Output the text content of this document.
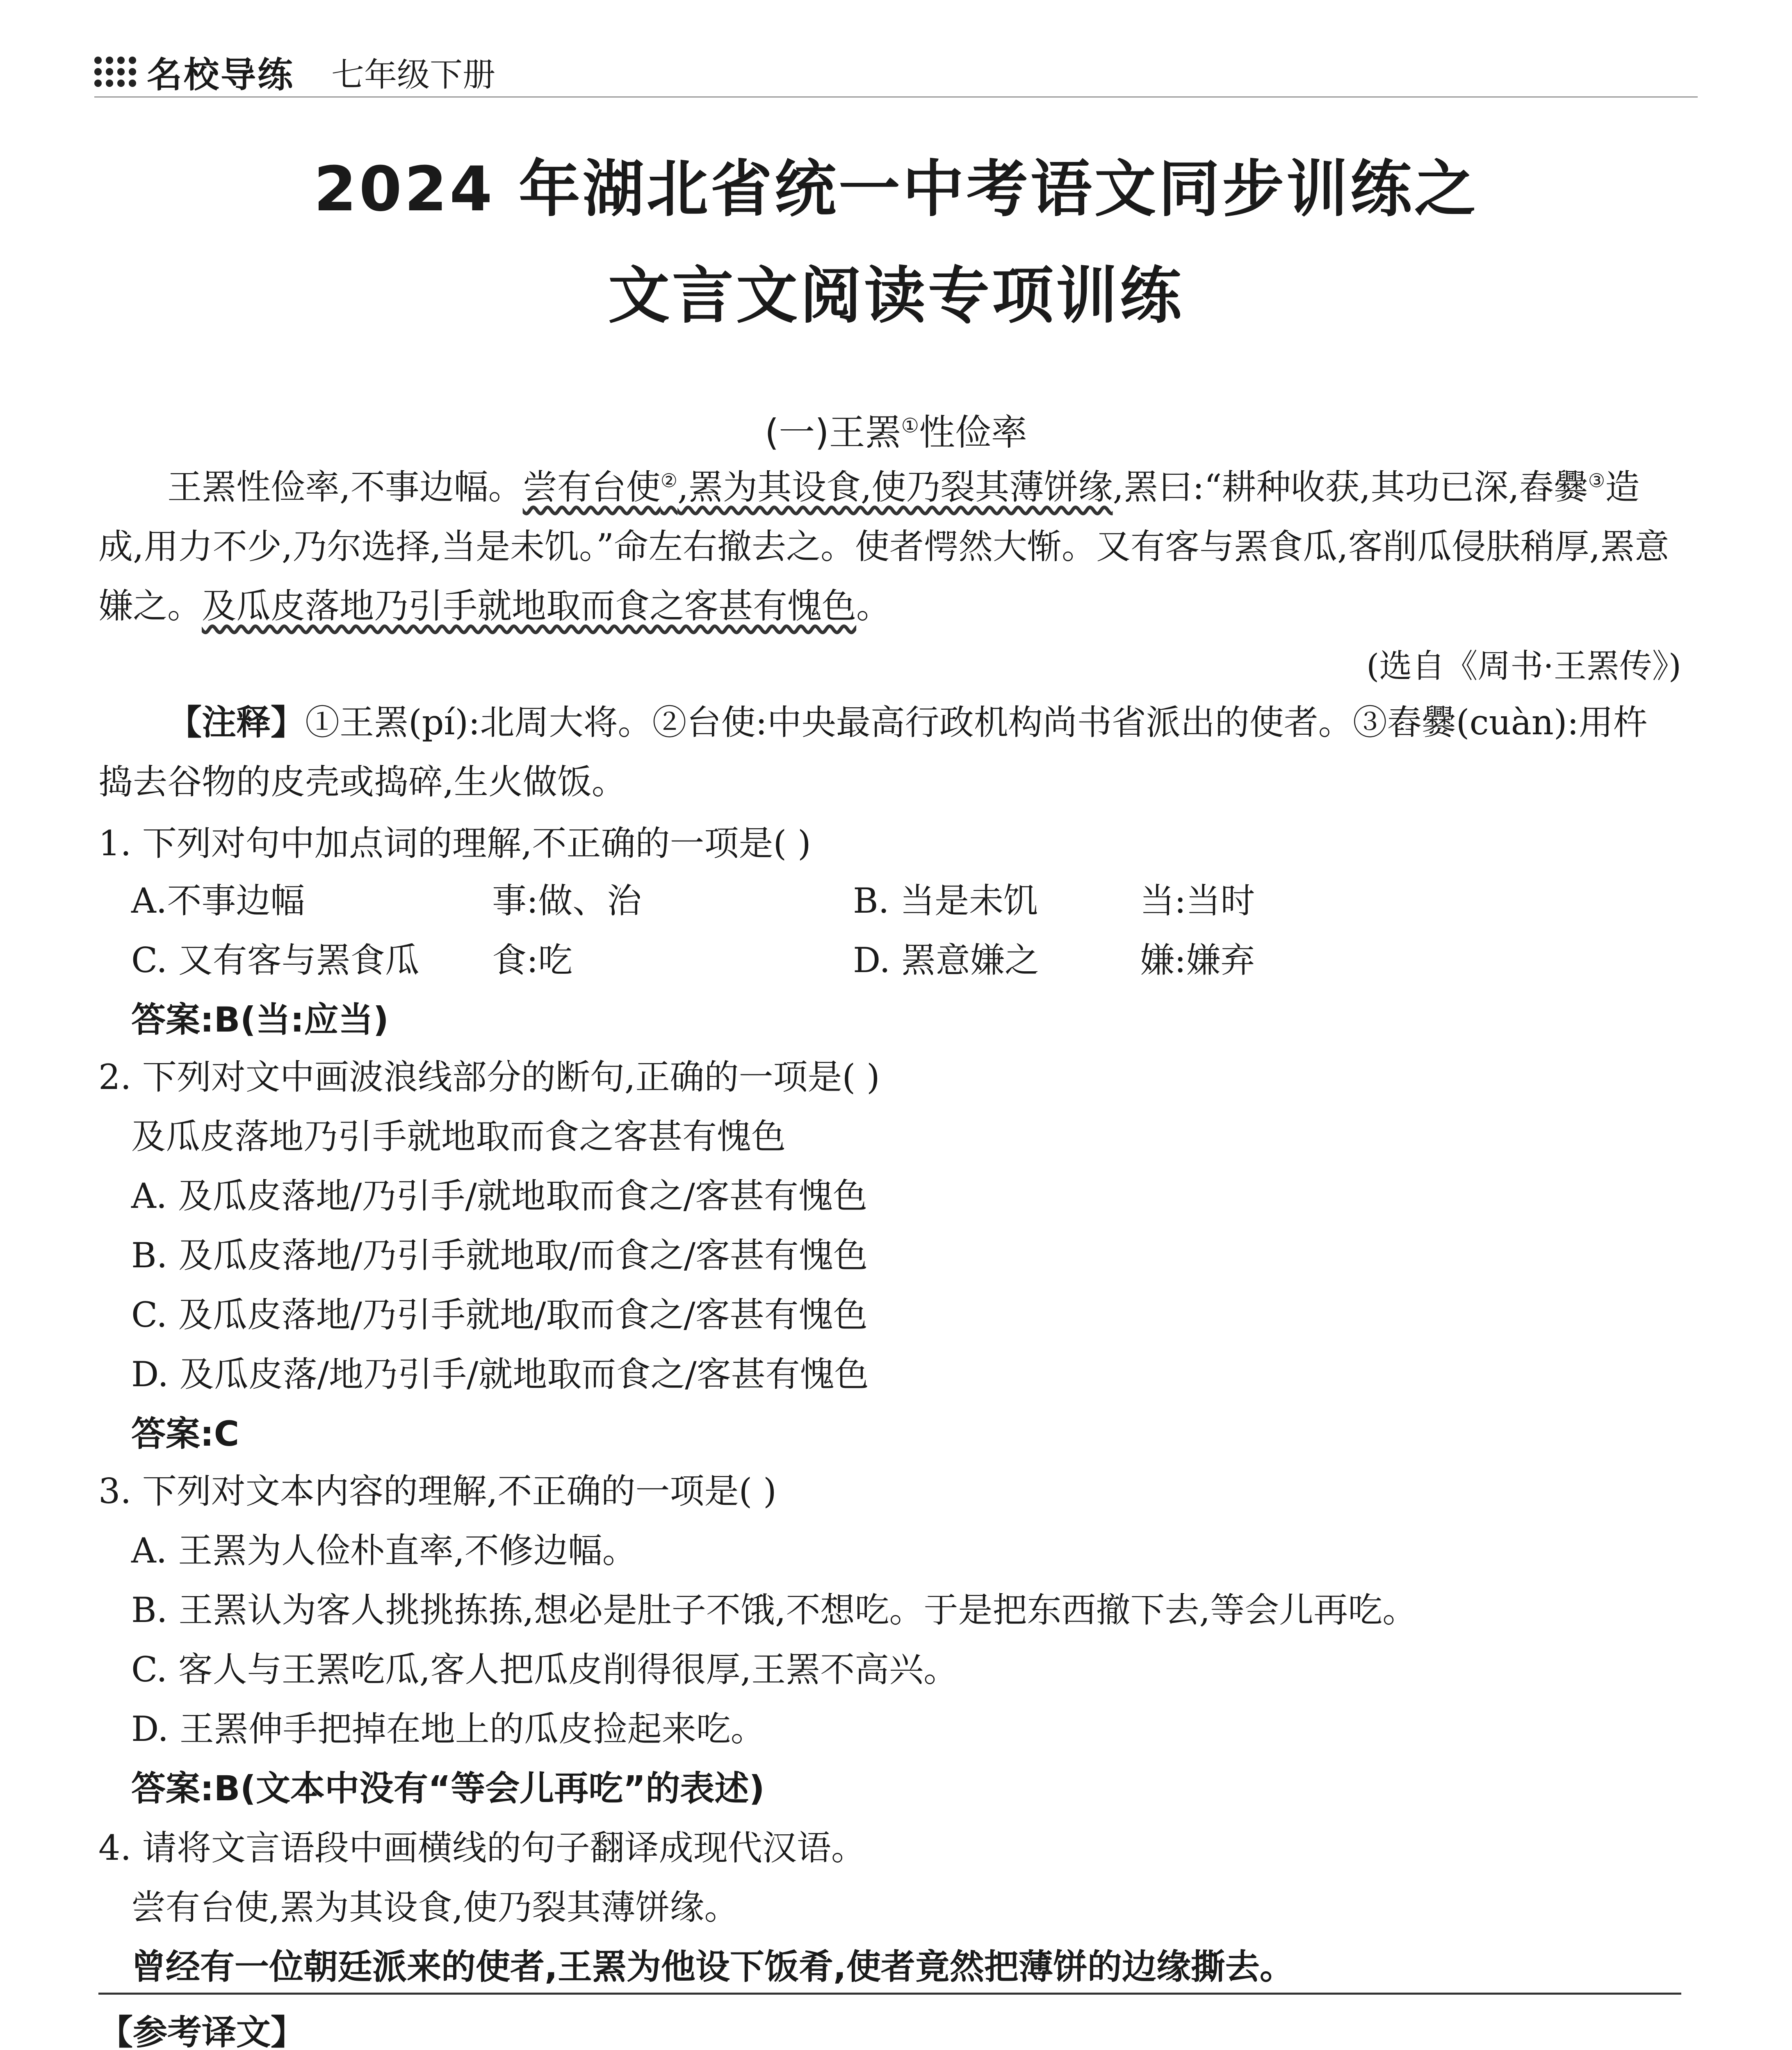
名校导练 七年级下册
2024 年湖北省统一中考语文同步训练之
文言文阅读专项训练
(一)王罴①性俭率
王罴性俭率,不事边幅。尝有台使②,罴为其设食,使乃裂其薄饼缘,罴曰:“耕种收获,其功已深,舂爨③造成,用力不少,乃尔选择,当是未饥。”命左右撤去之。使者愕然大惭。又有客与罴食瓜,客削瓜侵肤稍厚,罴意嫌之。及瓜皮落地乃引手就地取而食之客甚有愧色。
(选自《周书·王罴传》)
【注释】①王罴(pí):北周大将。②台使:中央最高行政机构尚书省派出的使者。③舂爨(cuàn):用杵捣去谷物的皮壳或捣碎,生火做饭。
1. 下列对句中加点词的理解,不正确的一项是( )
A.不事边幅	事:做、治	B. 当是未饥	当:当时
C. 又有客与罴食瓜 食:吃	D. 罴意嫌之	嫌:嫌弃
答案:B(当:应当)
2. 下列对文中画波浪线部分的断句,正确的一项是( )
及瓜皮落地乃引手就地取而食之客甚有愧色
A. 及瓜皮落地/乃引手/就地取而食之/客甚有愧色
B. 及瓜皮落地/乃引手就地取/而食之/客甚有愧色
C. 及瓜皮落地/乃引手就地/取而食之/客甚有愧色
D. 及瓜皮落/地乃引手/就地取而食之/客甚有愧色
答案:C
3. 下列对文本内容的理解,不正确的一项是( )
A. 王罴为人俭朴直率,不修边幅。
B. 王罴认为客人挑挑拣拣,想必是肚子不饿,不想吃。于是把东西撤下去,等会儿再吃。
C. 客人与王罴吃瓜,客人把瓜皮削得很厚,王罴不高兴。
D. 王罴伸手把掉在地上的瓜皮捡起来吃。
答案:B(文本中没有“等会儿再吃”的表述)
4. 请将文言语段中画横线的句子翻译成现代汉语。
尝有台使,罴为其设食,使乃裂其薄饼缘。
曾经有一位朝廷派来的使者,王罴为他设下饭肴,使者竟然把薄饼的边缘撕去。
【参考译文】
